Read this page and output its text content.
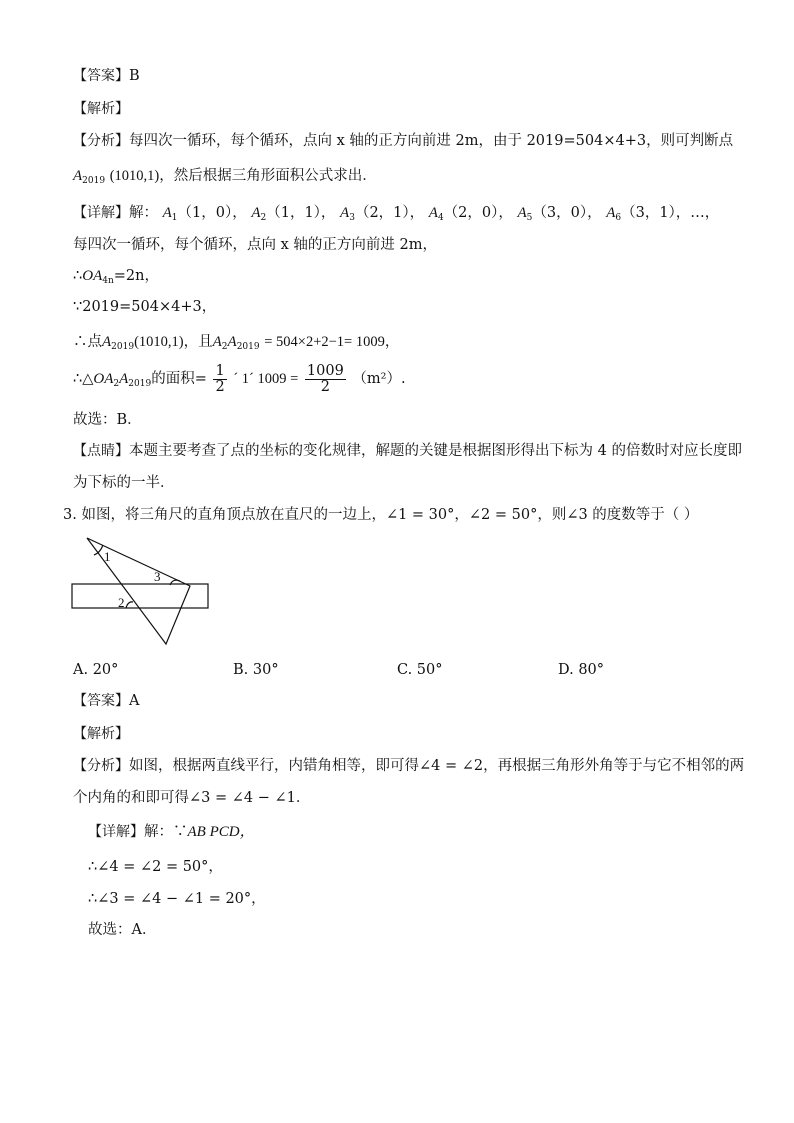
【答案】B
【解析】
【分析】每四次一循环，每个循环，点向 x 轴的正方向前进 2m，由于 2019=504×4+3，则可判断点
$A_{2019}$ (1010,1)，然后根据三角形面积公式求出．
【详解】解： $A_1(1$，0）， $A_2(1$，1）， $A_3(2$，1）， $A_4(2$，0）， $A_5(3$，0）， $A_6(3$，1），…，
每四次一循环，每个循环，点向 x 轴的正方向前进 2m，
$\therefore OA_{4n}=2n$，
∵2019=504×4+3，
∴点$A_{2019}(1010,1)$，且$A_2A_{2019} = 504\times 2+2-1= 1009$，
$\therefore\triangle OA_2A_{2019}$的面积= $\frac{1}{2}$ ´ 1´ $1009 = \frac{1009}{2} (m^2)$.
故选：B．
【点睛】本题主要考查了点的坐标的变化规律，解题的关键是根据图形得出下标为 4 的倍数时对应长度即
为下标的一半．
3. 如图，将三角尺的直角顶点放在直尺的一边上，∠1 = 30°，∠2 = 50°，则∠3 的度数等于（ ）
1
3
2
A. 20°	B. 30°	C. 50°	D. 80°
【答案】A
【解析】
【分析】如图，根据两直线平行，内错角相等，即可得∠4 = ∠2，再根据三角形外角等于与它不相邻的两
个内角的和即可得∠3 = ∠4 − ∠1．
【详解】解：∵AB PCD，
∴∠4 = ∠2 = 50°，
∴∠3 = ∠4 − ∠1 = 20°，
故选：A．
